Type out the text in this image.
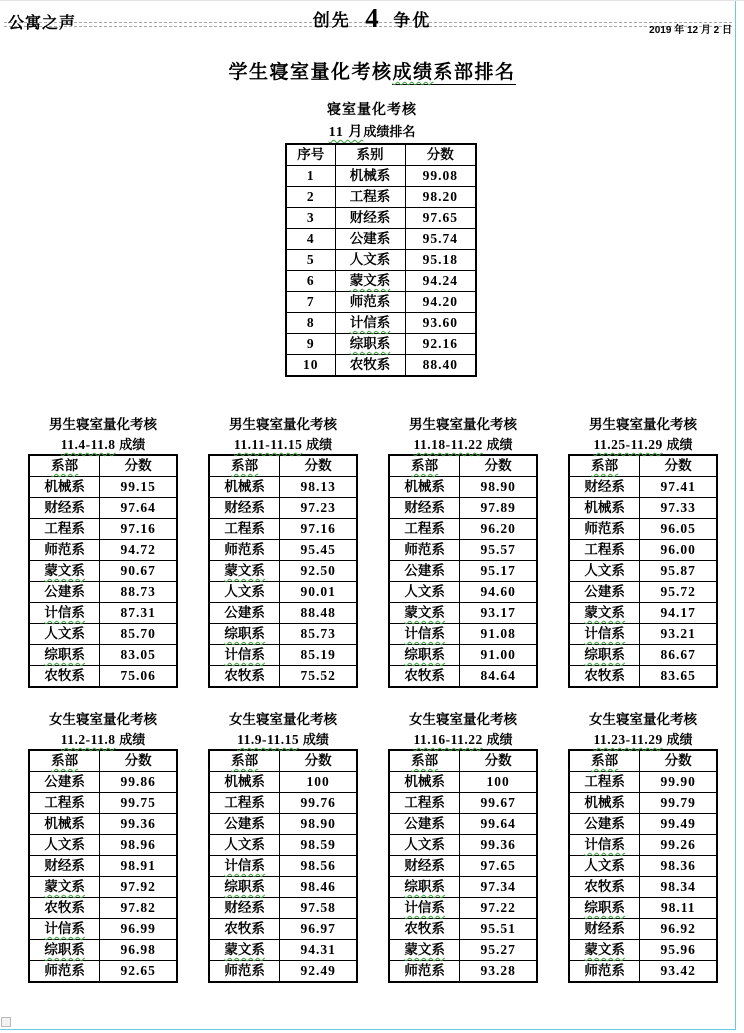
公寓之声	创先 4 争优
2019 年 12 月 2 日
学生寝室量化考核成绩系部排名
寝室量化考核
11 月成绩排名
序号	系别	分数
1	机械系	99.08
2	工程系	98.20
3	财经系	97.65
4	公建系	95.74
5	人文系	95.18
6	蒙文系	94.24
7	师范系	94.20
8	计信系	93.60
9	综职系	92.16
10	农牧系	88.40
男生寝室量化考核
11.4-11.8 成绩
系部	分数
机械系	99.15
财经系	97.64
工程系	97.16
师范系	94.72
蒙文系	90.67
公建系	88.73
计信系	87.31
人文系	85.70
综职系	83.05
农牧系	75.06
男生寝室量化考核
11.11-11.15 成绩
系部	分数
机械系	98.13
财经系	97.23
工程系	97.16
师范系	95.45
蒙文系	92.50
人文系	90.01
公建系	88.48
综职系	85.73
计信系	85.19
农牧系	75.52
男生寝室量化考核
11.18-11.22 成绩
系部	分数
机械系	98.90
财经系	97.89
工程系	96.20
师范系	95.57
公建系	95.17
人文系	94.60
蒙文系	93.17
计信系	91.08
综职系	91.00
农牧系	84.64
男生寝室量化考核
11.25-11.29 成绩
系部	分数
财经系	97.41
机械系	97.33
师范系	96.05
工程系	96.00
人文系	95.87
公建系	95.72
蒙文系	94.17
计信系	93.21
综职系	86.67
农牧系	83.65
女生寝室量化考核
11.2-11.8 成绩
系部	分数
公建系	99.86
工程系	99.75
机械系	99.36
人文系	98.96
财经系	98.91
蒙文系	97.92
农牧系	97.82
计信系	96.99
综职系	96.98
师范系	92.65
女生寝室量化考核
11.9-11.15 成绩
系部	分数
机械系	100
工程系	99.76
公建系	98.90
人文系	98.59
计信系	98.56
综职系	98.46
财经系	97.58
农牧系	96.97
蒙文系	94.31
师范系	92.49
女生寝室量化考核
11.16-11.22 成绩
系部	分数
机械系	100
工程系	99.67
公建系	99.64
人文系	99.36
财经系	97.65
综职系	97.34
计信系	97.22
农牧系	95.51
蒙文系	95.27
师范系	93.28
女生寝室量化考核
11.23-11.29 成绩
系部	分数
工程系	99.90
机械系	99.79
公建系	99.49
计信系	99.26
人文系	98.36
农牧系	98.34
综职系	98.11
财经系	96.92
蒙文系	95.96
师范系	93.42
